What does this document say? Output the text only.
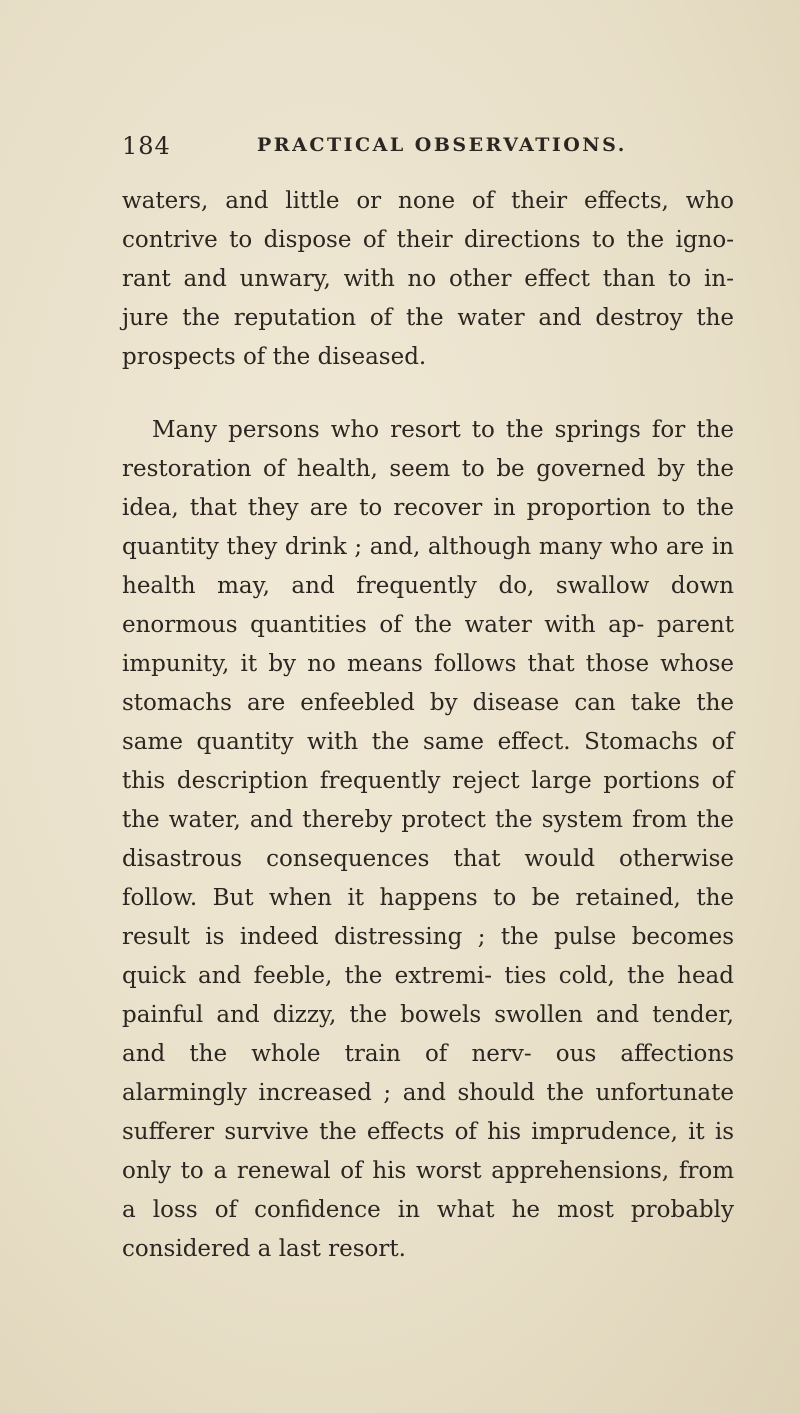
184	PRACTICAL OBSERVATIONS.

waters, and little or none of their effects, who contrive to dispose of their directions to the igno- rant and unwary, with no other effect than to in- jure the reputation of the water and destroy the prospects of the diseased.

Many persons who resort to the springs for the restoration of health, seem to be governed by the idea, that they are to recover in proportion to the quantity they drink ; and, although many who are in health may, and frequently do, swallow down enormous quantities of the water with ap- parent impunity, it by no means follows that those whose stomachs are enfeebled by disease can take the same quantity with the same effect. Stomachs of this description frequently reject large portions of the water, and thereby protect the system from the disastrous consequences that would otherwise follow. But when it happens to be retained, the result is indeed distressing ; the pulse becomes quick and feeble, the extremi- ties cold, the head painful and dizzy, the bowels swollen and tender, and the whole train of nerv- ous affections alarmingly increased ; and should the unfortunate sufferer survive the effects of his imprudence, it is only to a renewal of his worst apprehensions, from a loss of confidence in what he most probably considered a last resort.
